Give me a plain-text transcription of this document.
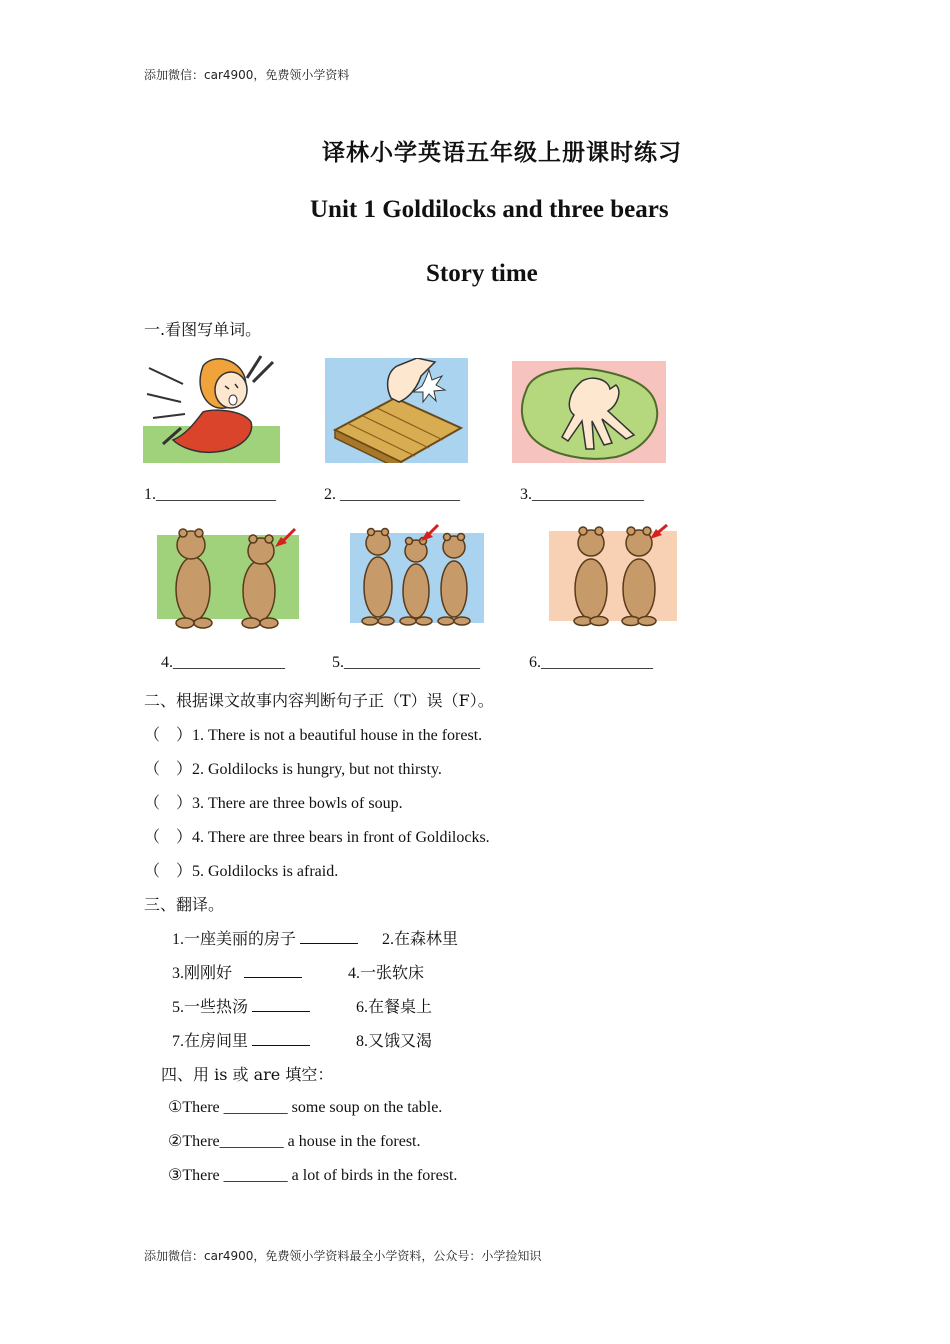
添加微信：car4900，免费领小学资料
译林小学英语五年级上册课时练习
Unit 1 Goldilocks and three bears
Story time
一.看图写单词。
1._______________	2. _______________	3.______________
4.______________	5._________________	6.______________
二、根据课文故事内容判断句子正（T）误（F）。
（　）1. There is not a beautiful house in the forest.
（　）2. Goldilocks is hungry, but not thirsty.
（　）3. There are three bowls of soup.
（　）4. There are three bears in front of Goldilocks.
（　）5. Goldilocks is afraid.
三、翻译。
1.一座美丽的房子	2.在森林里
3.刚刚好	4.一张软床
5.一些热汤	6.在餐桌上
7.在房间里	8.又饿又渴
四、用 is 或 are 填空：
①There ________ some soup on the table.
②There________ a house in the forest.
③There ________ a lot of birds in the forest.
添加微信：car4900，免费领小学资料最全小学资料，公众号：小学捡知识
